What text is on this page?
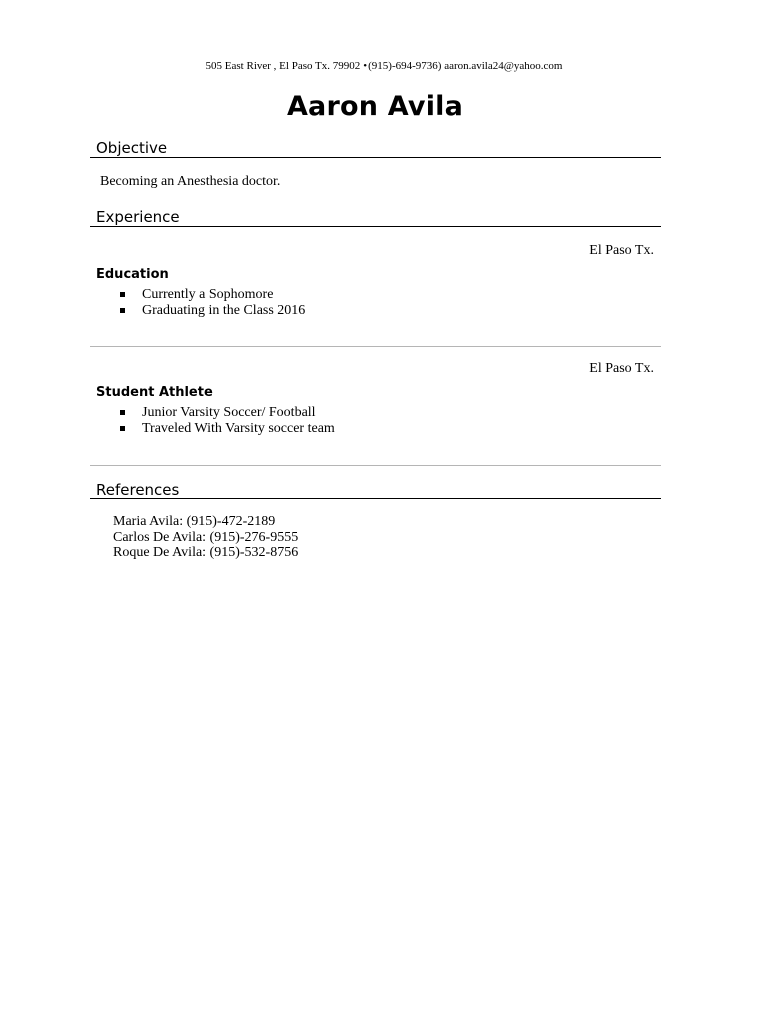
505 East River , El Paso Tx. 79902 •(915)-694-9736) aaron.avila24@yahoo.com
Aaron Avila
Objective
Becoming an Anesthesia doctor.
Experience
El Paso Tx.
Education
Currently a Sophomore
Graduating in the Class 2016
El Paso Tx.
Student Athlete
Junior Varsity Soccer/ Football
Traveled With Varsity soccer team
References
Maria Avila: (915)-472-2189
Carlos De Avila: (915)-276-9555
Roque De Avila: (915)-532-8756
